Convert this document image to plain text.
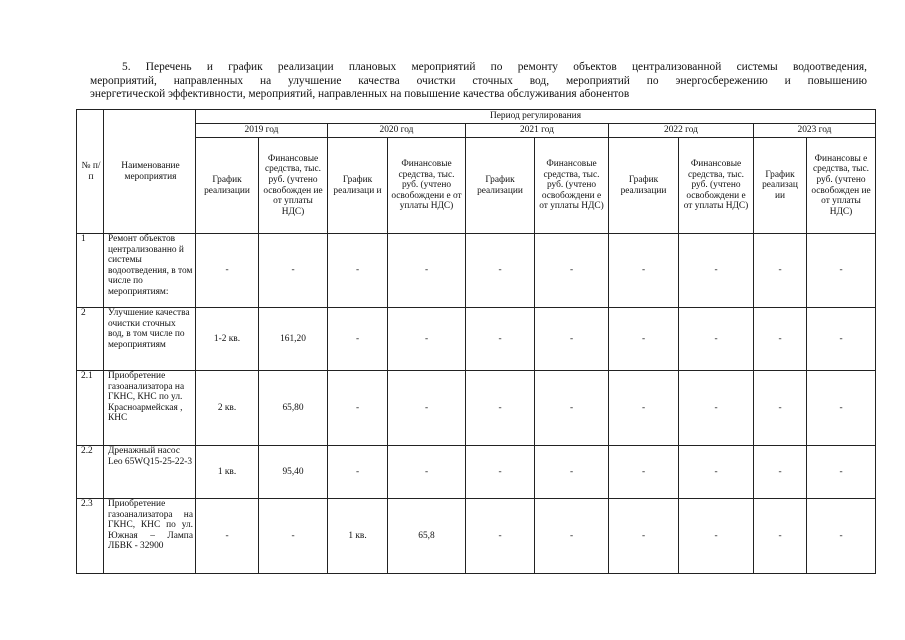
5. Перечень и график реализации плановых мероприятий по ремонту объектов централизованной системы водоотведения,
мероприятий, направленных на улучшение качества очистки сточных вод, мероприятий по энергосбережению и повышению
энергетической эффективности, мероприятий, направленных на повышение качества обслуживания абонентов
№ п/ п	Наименование мероприятия	Период регулирования									
		2019 год		2020 год		2021 год		2022 год		2023 год	
		График реализации	Финансовые средства, тыс. руб. (учтено освобожден ие от уплаты НДС)	График реализаци и	Финансовые средства, тыс. руб. (учтено освобождени е от уплаты НДС)	График реализации	Финансовые средства, тыс. руб. (учтено освобождени е от уплаты НДС)	График реализации	Финансовые средства, тыс. руб. (учтено освобождени е от уплаты НДС)	График реализац ии	Финансовы е средства, тыс. руб. (учтено освобожден ие от уплаты НДС)
1	Ремонт объектов централизованно й системы водоотведения, в том числе по мероприятиям:	-	-	-	-	-	-	-	-	-	-
2	Улучшение качества очистки сточных вод, в том числе по мероприятиям	1-2 кв.	161,20	-	-	-	-	-	-	-	-
2.1	Приобретение газоанализатора на ГКНС, КНС по ул. Красноармейская , КНС	2 кв.	65,80	-	-	-	-	-	-	-	-
2.2	Дренажный насос Leo 65WQ15-25-22-3	1 кв.	95,40	-	-	-	-	-	-	-	-
2.3	Приобретение газоанализатора на ГКНС, КНС по ул. Южная – Лампа ЛБВК - 32900	-	-	1 кв.	65,8	-	-	-	-	-	-
